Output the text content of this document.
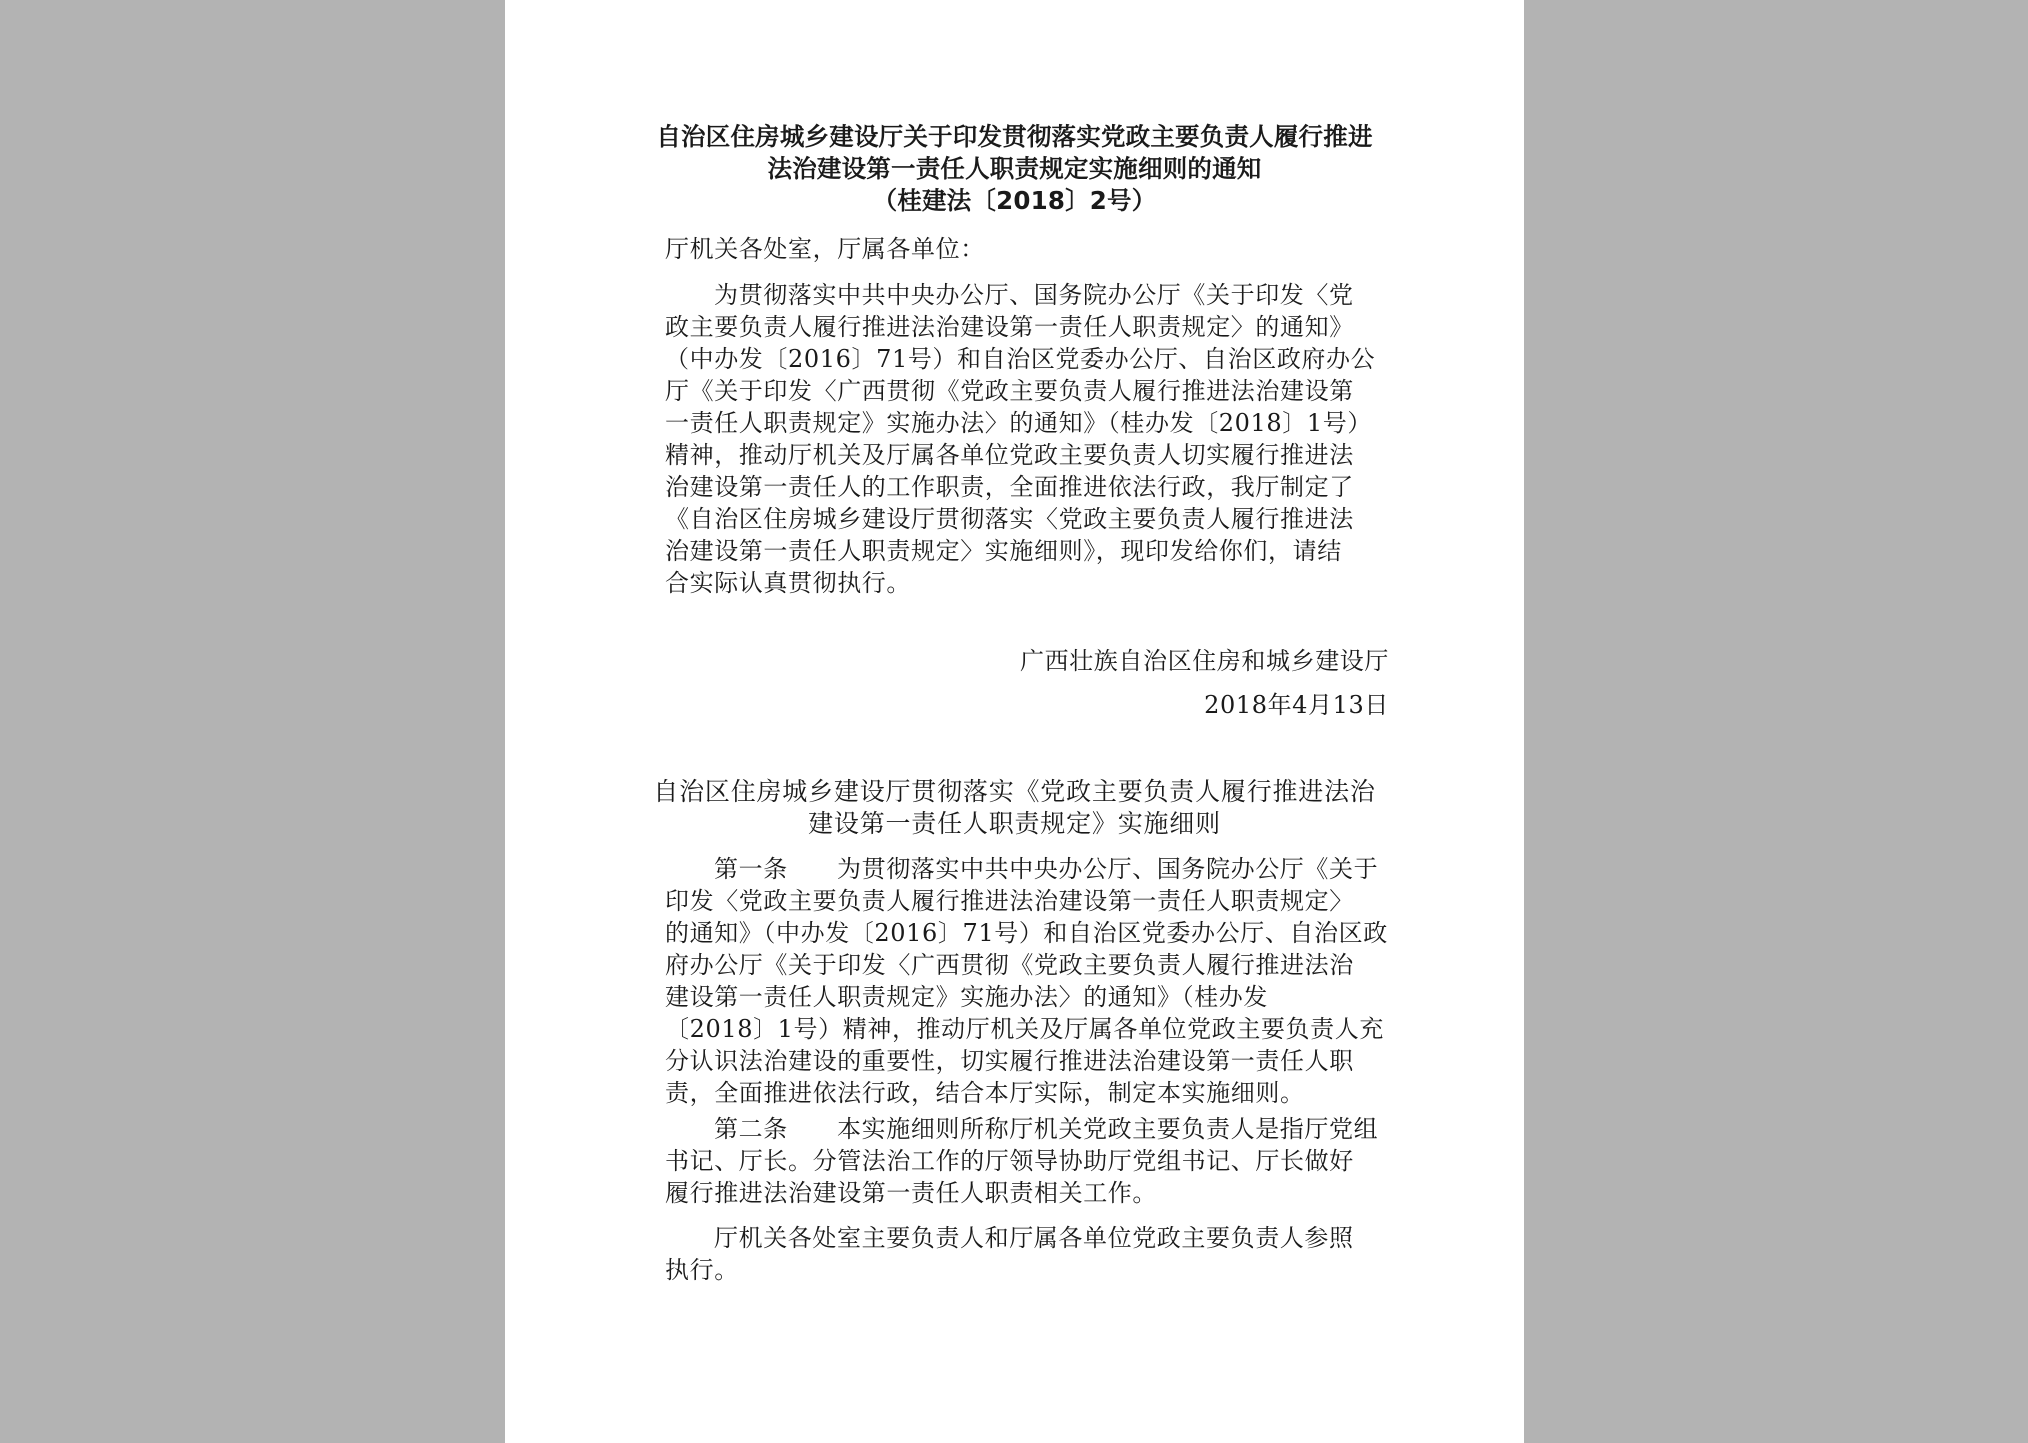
自治区住房城乡建设厅关于印发贯彻落实党政主要负责人履行推进
法治建设第一责任人职责规定实施细则的通知
（桂建法〔2018〕2号）
厅机关各处室，厅属各单位：
为贯彻落实中共中央办公厅、国务院办公厅《关于印发〈党
政主要负责人履行推进法治建设第一责任人职责规定〉的通知》
（中办发〔2016〕71号）和自治区党委办公厅、自治区政府办公
厅《关于印发〈广西贯彻《党政主要负责人履行推进法治建设第
一责任人职责规定》实施办法〉的通知》（桂办发〔2018〕1号）
精神，推动厅机关及厅属各单位党政主要负责人切实履行推进法
治建设第一责任人的工作职责，全面推进依法行政，我厅制定了
《自治区住房城乡建设厅贯彻落实〈党政主要负责人履行推进法
治建设第一责任人职责规定〉实施细则》，现印发给你们，请结
合实际认真贯彻执行。
广西壮族自治区住房和城乡建设厅
2018年4月13日
自治区住房城乡建设厅贯彻落实《党政主要负责人履行推进法治
建设第一责任人职责规定》实施细则
第一条　　为贯彻落实中共中央办公厅、国务院办公厅《关于
印发〈党政主要负责人履行推进法治建设第一责任人职责规定〉
的通知》（中办发〔2016〕71号）和自治区党委办公厅、自治区政
府办公厅《关于印发〈广西贯彻《党政主要负责人履行推进法治
建设第一责任人职责规定》实施办法〉的通知》（桂办发
〔2018〕1号）精神，推动厅机关及厅属各单位党政主要负责人充
分认识法治建设的重要性，切实履行推进法治建设第一责任人职
责，全面推进依法行政，结合本厅实际，制定本实施细则。
第二条　　本实施细则所称厅机关党政主要负责人是指厅党组
书记、厅长。分管法治工作的厅领导协助厅党组书记、厅长做好
履行推进法治建设第一责任人职责相关工作。
厅机关各处室主要负责人和厅属各单位党政主要负责人参照
执行。
